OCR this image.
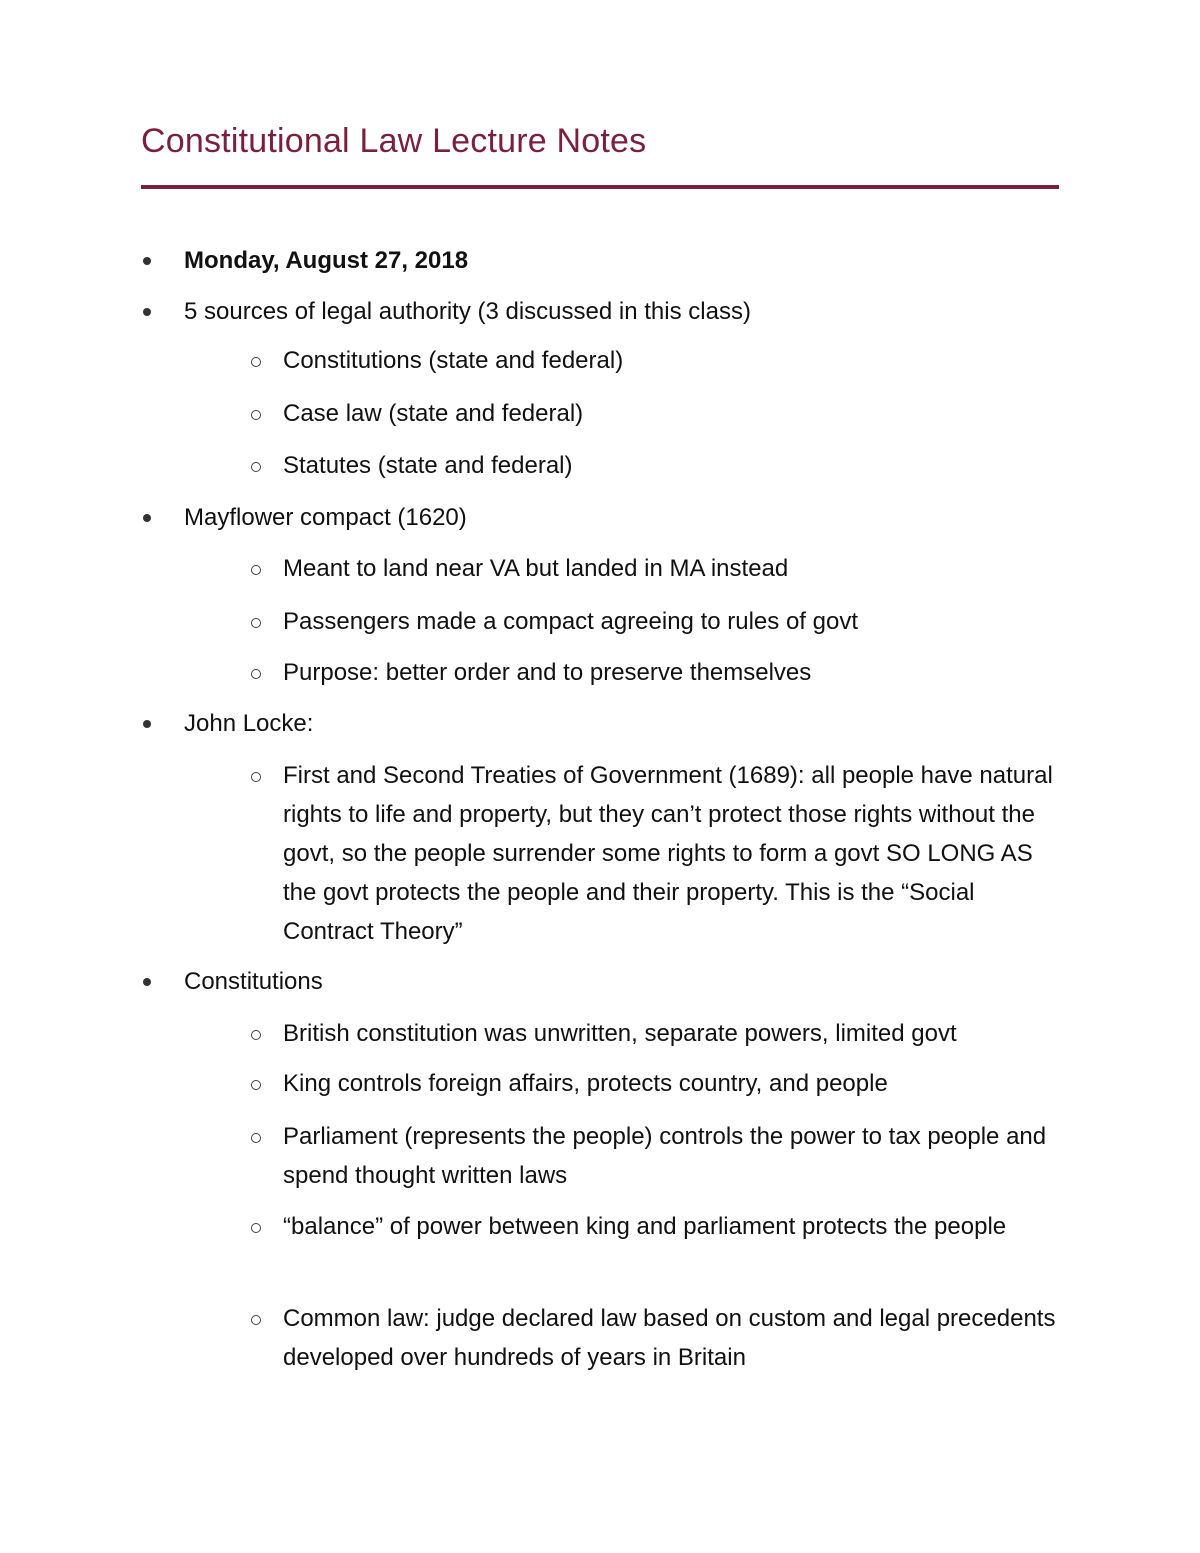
Constitutional Law Lecture Notes
Monday, August 27, 2018
5 sources of legal authority (3 discussed in this class)
Constitutions (state and federal)
Case law (state and federal)
Statutes (state and federal)
Mayflower compact (1620)
Meant to land near VA but landed in MA instead
Passengers made a compact agreeing to rules of govt
Purpose: better order and to preserve themselves
John Locke:
First and Second Treaties of Government (1689): all people have natural rights to life and property, but they can’t protect those rights without the govt, so the people surrender some rights to form a govt SO LONG AS the govt protects the people and their property. This is the “Social Contract Theory”
Constitutions
British constitution was unwritten, separate powers, limited govt
King controls foreign affairs, protects country, and people
Parliament (represents the people) controls the power to tax people and spend thought written laws
“balance” of power between king and parliament protects the people
Common law: judge declared law based on custom and legal precedents developed over hundreds of years in Britain
